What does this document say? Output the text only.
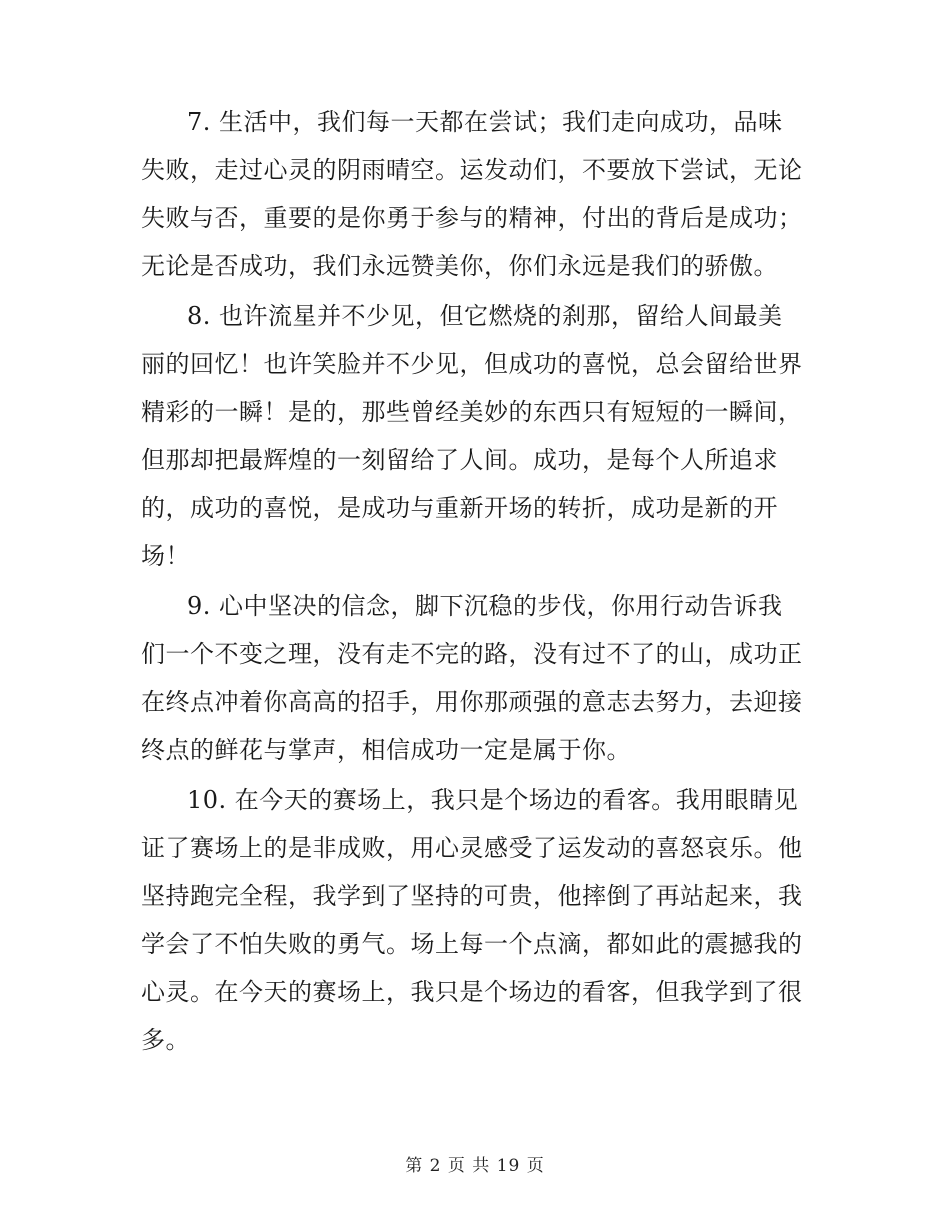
7. 生活中，我们每一天都在尝试；我们走向成功，品味
失败，走过心灵的阴雨晴空。运发动们，不要放下尝试，无论
失败与否，重要的是你勇于参与的精神，付出的背后是成功；
无论是否成功，我们永远赞美你，你们永远是我们的骄傲。
8. 也许流星并不少见，但它燃烧的刹那，留给人间最美
丽的回忆！也许笑脸并不少见，但成功的喜悦，总会留给世界
精彩的一瞬！是的，那些曾经美妙的东西只有短短的一瞬间，
但那却把最辉煌的一刻留给了人间。成功，是每个人所追求
的，成功的喜悦，是成功与重新开场的转折，成功是新的开
场！
9. 心中坚决的信念，脚下沉稳的步伐，你用行动告诉我
们一个不变之理，没有走不完的路，没有过不了的山，成功正
在终点冲着你高高的招手，用你那顽强的意志去努力，去迎接
终点的鲜花与掌声，相信成功一定是属于你。
10. 在今天的赛场上，我只是个场边的看客。我用眼睛见
证了赛场上的是非成败，用心灵感受了运发动的喜怒哀乐。他
坚持跑完全程，我学到了坚持的可贵，他摔倒了再站起来，我
学会了不怕失败的勇气。场上每一个点滴，都如此的震撼我的
心灵。在今天的赛场上，我只是个场边的看客，但我学到了很
多。
第 2 页 共 19 页
